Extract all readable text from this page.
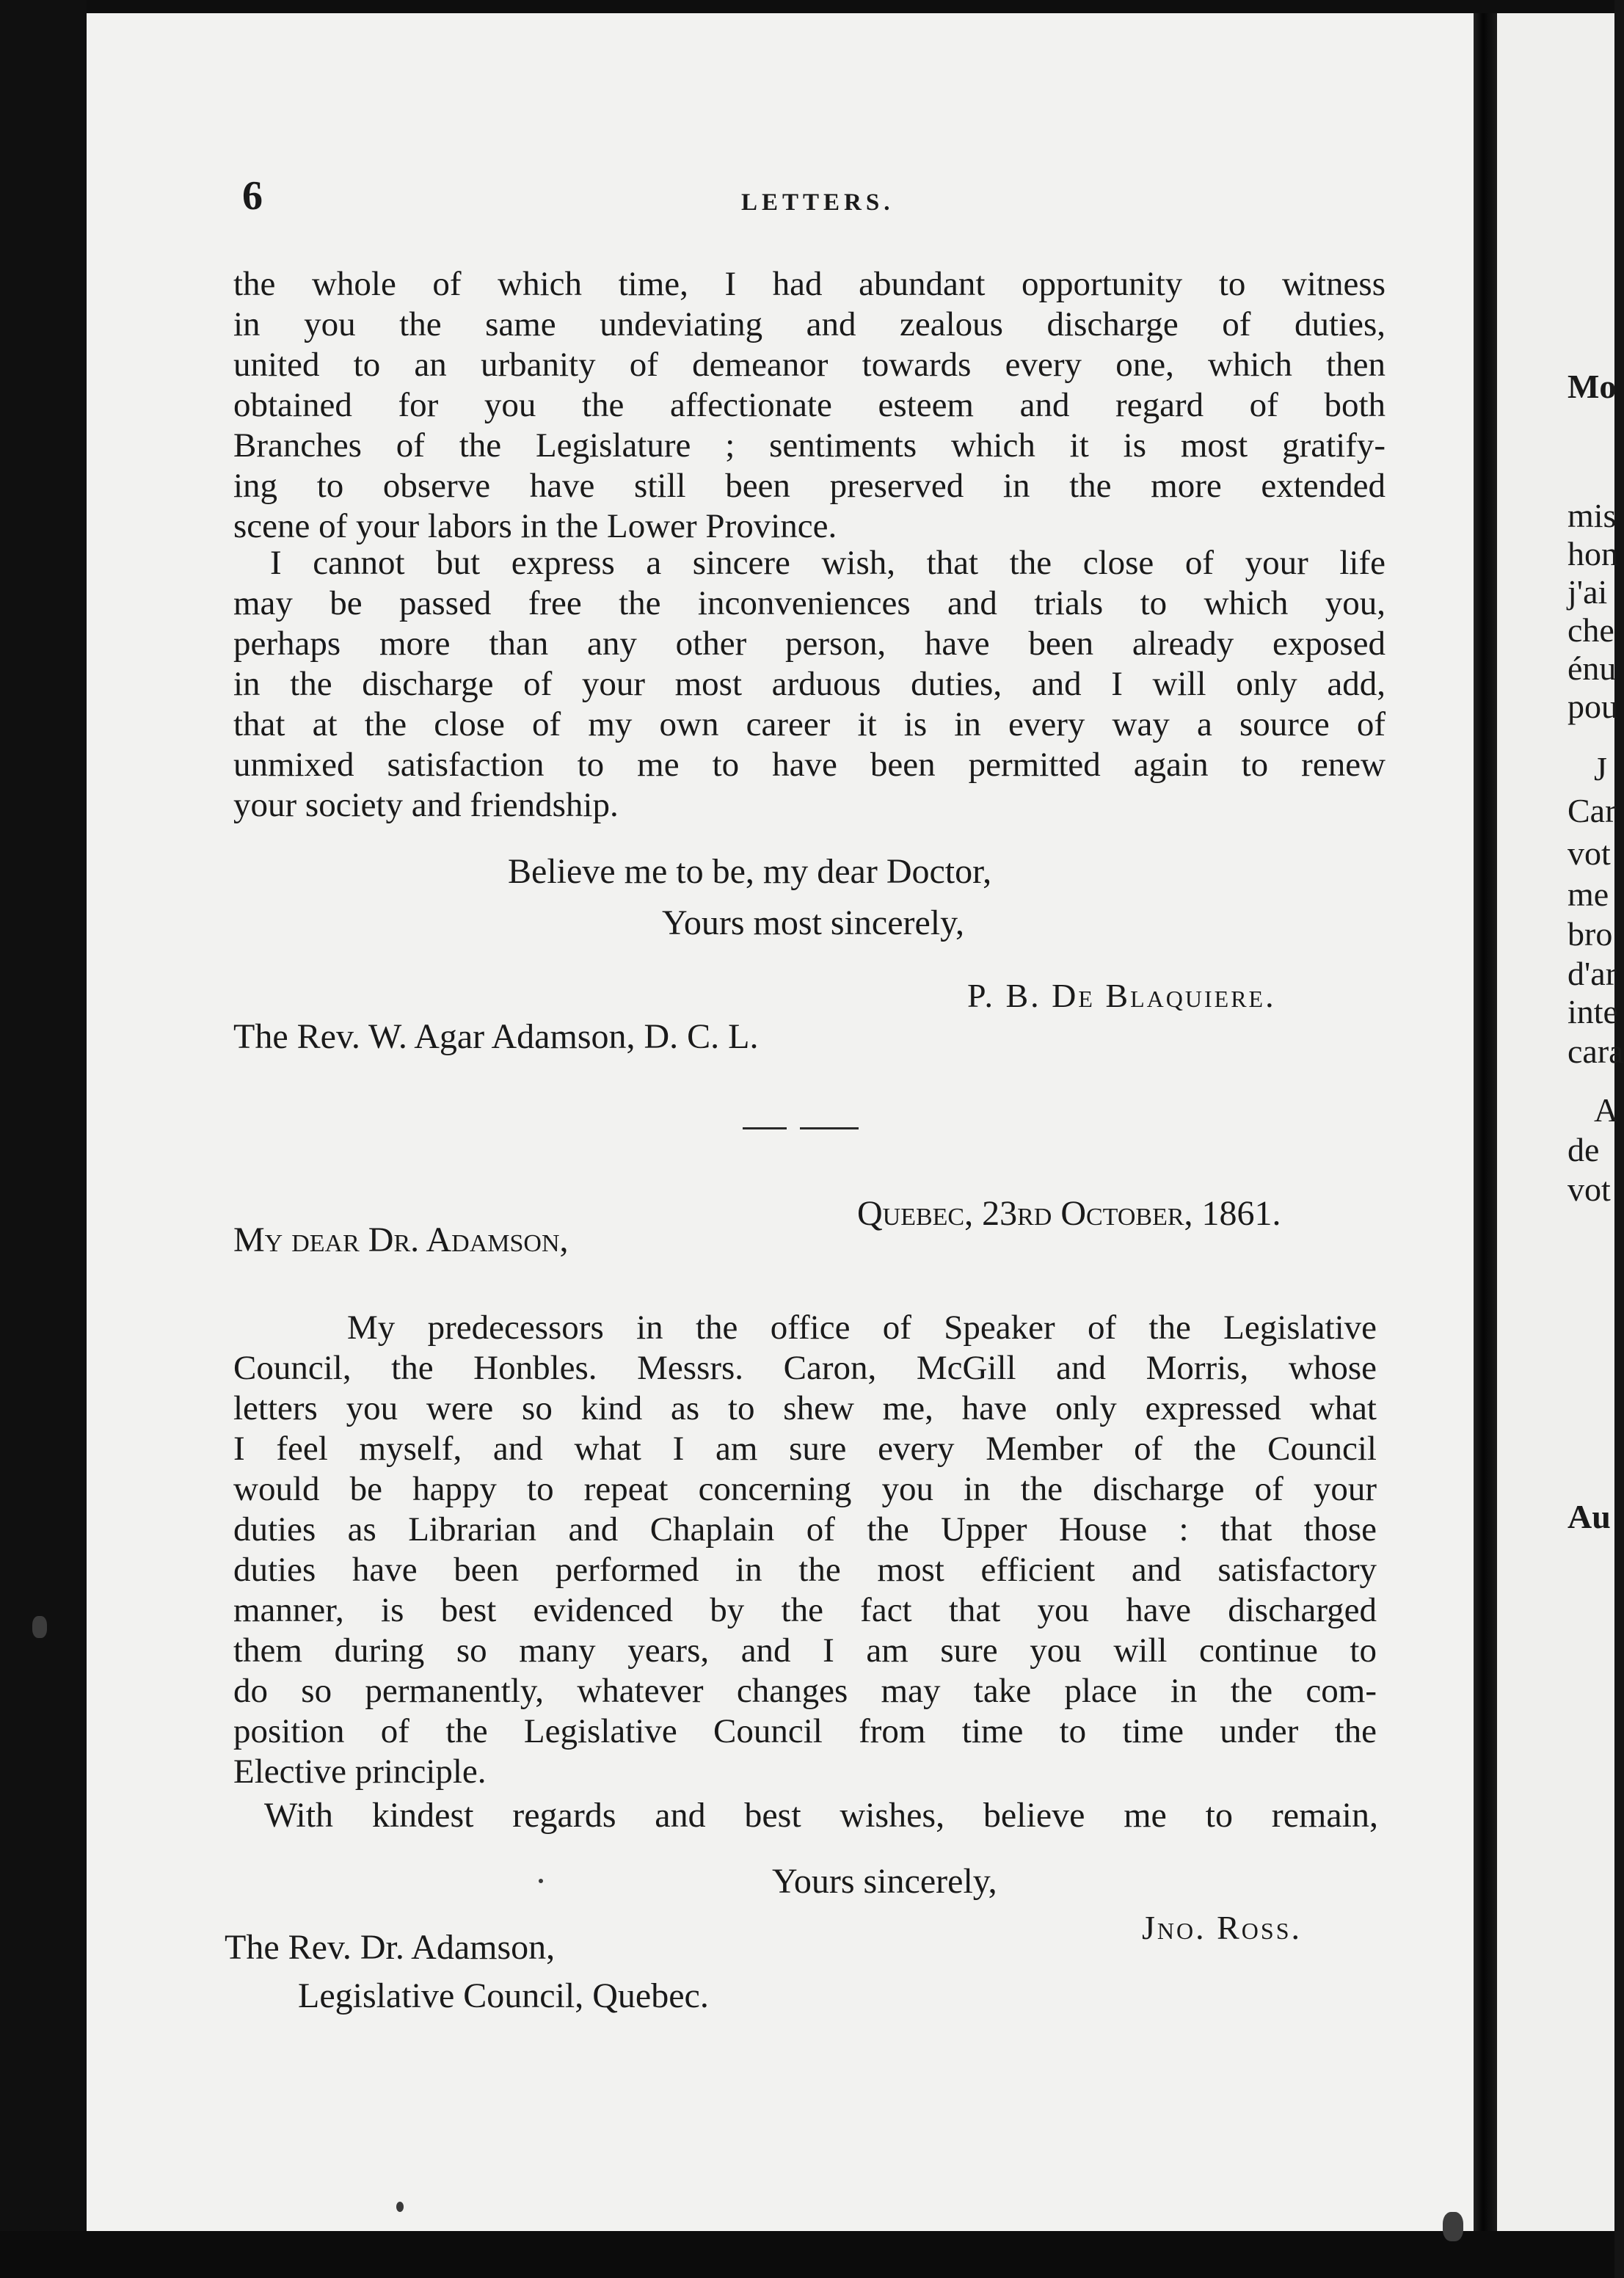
Mo
mis
hon
j'ai
che
énu
pou
J
Car
vot
me
bro
d'ar
inte
cara
A
de
vot
Au
6	LETTERS.
the whole of which time, I had abundant opportunity to witness
in you the same undeviating and zealous discharge of duties,
united to an urbanity of demeanor towards every one, which then
obtained for you the affectionate esteem and regard of both
Branches of the Legislature ; sentiments which it is most gratify-
ing to observe have still been preserved in the more extended
scene of your labors in the Lower Province.
I cannot but express a sincere wish, that the close of your life
may be passed free the inconveniences and trials to which you,
perhaps more than any other person, have been already exposed
in the discharge of your most arduous duties, and I will only add,
that at the close of my own career it is in every way a source of
unmixed satisfaction to me to have been permitted again to renew
your society and friendship.
Believe me to be, my dear Doctor,
Yours most sincerely,
P. B. De Blaquiere.
The Rev. W. Agar Adamson, D. C. L.
Quebec, 23rd October, 1861.
My dear Dr. Adamson,
My predecessors in the office of Speaker of the Legislative
Council, the Honbles. Messrs. Caron, McGill and Morris, whose
letters you were so kind as to shew me, have only expressed what
I feel myself, and what I am sure every Member of the Council
would be happy to repeat concerning you in the discharge of your
duties as Librarian and Chaplain of the Upper House : that those
duties have been performed in the most efficient and satisfactory
manner, is best evidenced by the fact that you have discharged
them during so many years, and I am sure you will continue to
do so permanently, whatever changes may take place in the com-
position of the Legislative Council from time to time under the
Elective principle.
With kindest regards and best wishes, believe me to remain,
Yours sincerely,
Jno. Ross.
The Rev. Dr. Adamson,
Legislative Council, Quebec.
